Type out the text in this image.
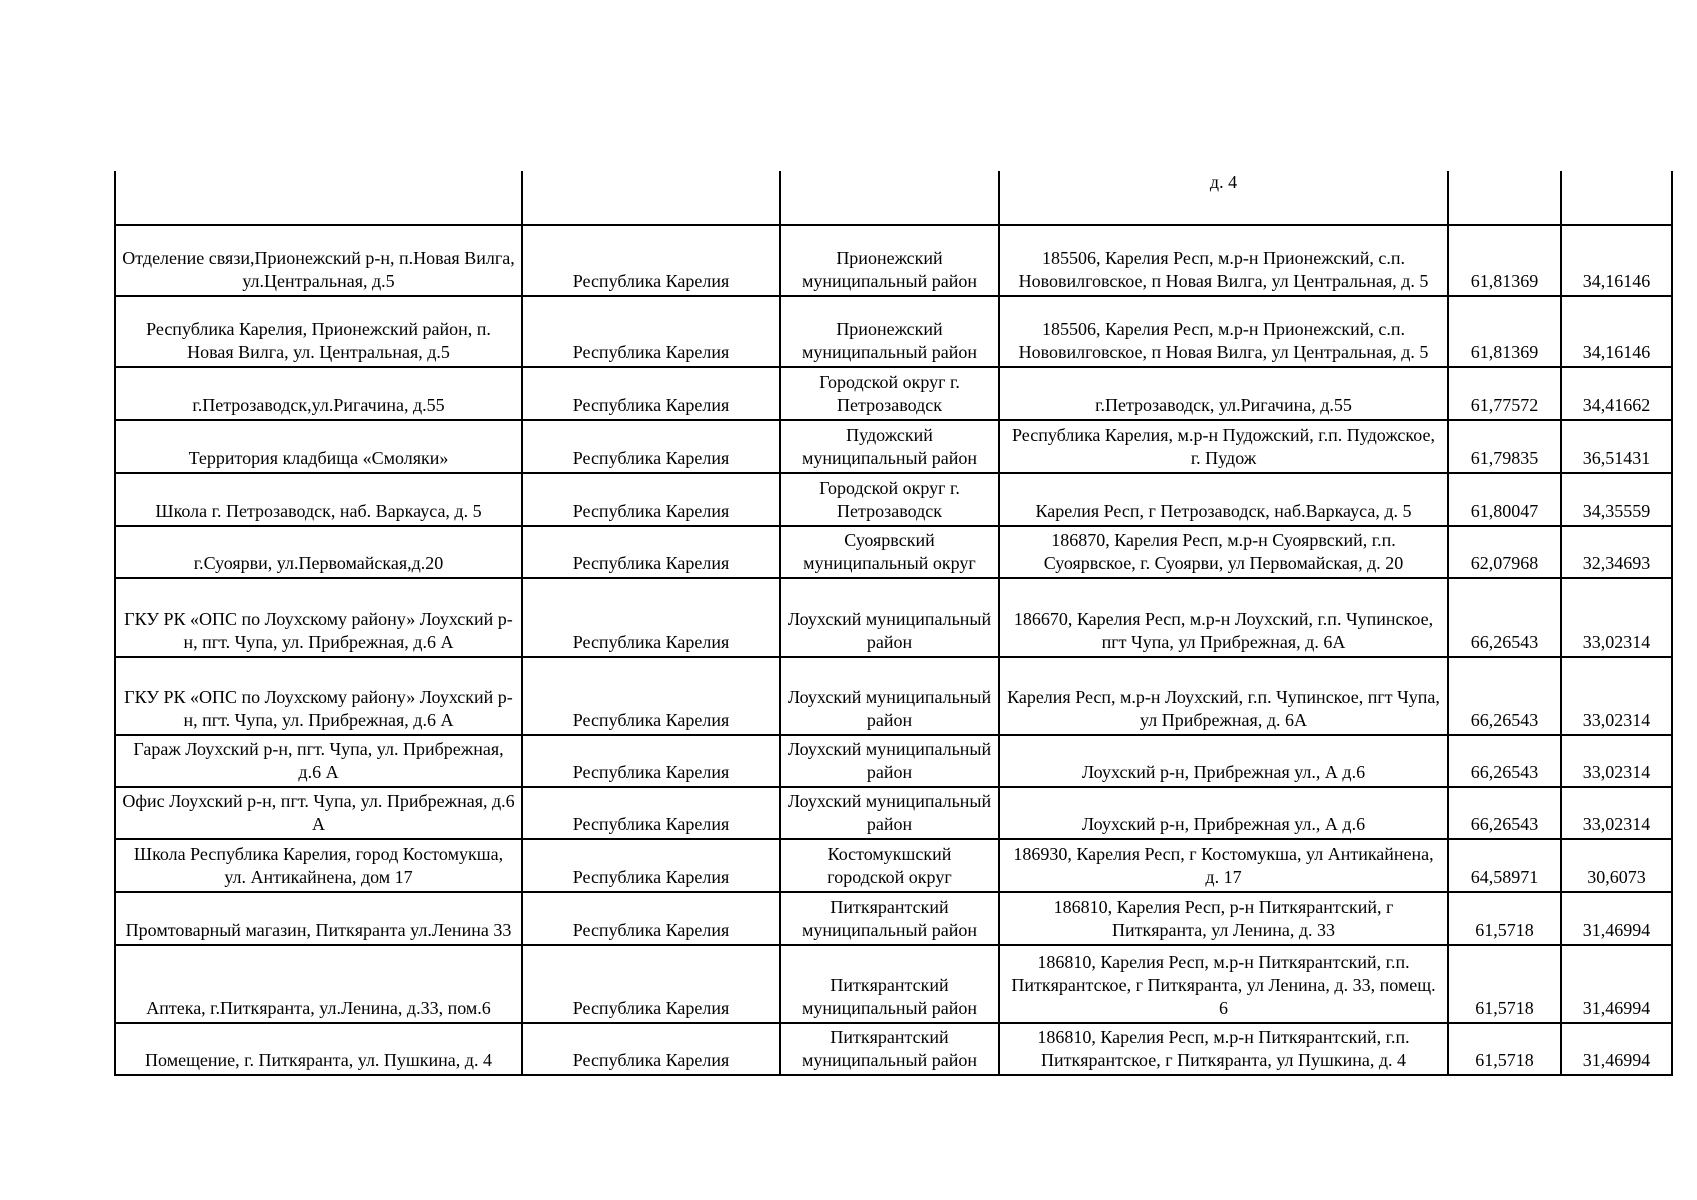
			д. 4		
Отделение связи,Прионежский р-н, п.Новая Вилга, ул.Центральная, д.5	Республика Карелия	Прионежский муниципальный район	185506, Карелия Респ, м.р-н Прионежский, с.п. Нововилговское, п Новая Вилга, ул Центральная, д. 5	61,81369	34,16146
Республика Карелия, Прионежский район, п. Новая Вилга, ул. Центральная, д.5	Республика Карелия	Прионежский муниципальный район	185506, Карелия Респ, м.р-н Прионежский, с.п. Нововилговское, п Новая Вилга, ул Центральная, д. 5	61,81369	34,16146
г.Петрозаводск,ул.Ригачина, д.55	Республика Карелия	Городской округ г. Петрозаводск	г.Петрозаводск, ул.Ригачина, д.55	61,77572	34,41662
Территория кладбища «Смоляки»	Республика Карелия	Пудожский муниципальный район	Республика Карелия, м.р-н Пудожский, г.п. Пудожское, г. Пудож	61,79835	36,51431
Школа г. Петрозаводск, наб. Варкауса, д. 5	Республика Карелия	Городской округ г. Петрозаводск	Карелия Респ, г Петрозаводск, наб.Варкауса, д. 5	61,80047	34,35559
г.Суоярви, ул.Первомайская,д.20	Республика Карелия	Суоярвский муниципальный округ	186870, Карелия Респ, м.р-н Суоярвский, г.п. Суоярвское, г. Суоярви, ул Первомайская, д. 20	62,07968	32,34693
ГКУ РК «ОПС по Лоухскому району» Лоухский р-н, пгт. Чупа, ул. Прибрежная, д.6 А	Республика Карелия	Лоухский муниципальный район	186670, Карелия Респ, м.р-н Лоухский, г.п. Чупинское, пгт Чупа, ул Прибрежная, д. 6А	66,26543	33,02314
ГКУ РК «ОПС по Лоухскому району» Лоухский р-н, пгт. Чупа, ул. Прибрежная, д.6 А	Республика Карелия	Лоухский муниципальный район	Карелия Респ, м.р-н Лоухский, г.п. Чупинское, пгт Чупа, ул Прибрежная, д. 6А	66,26543	33,02314
Гараж Лоухский р-н, пгт. Чупа, ул. Прибрежная, д.6 А	Республика Карелия	Лоухский муниципальный район	Лоухский р-н, Прибрежная ул., А д.6	66,26543	33,02314
Офис Лоухский р-н, пгт. Чупа, ул. Прибрежная, д.6 А	Республика Карелия	Лоухский муниципальный район	Лоухский р-н, Прибрежная ул., А д.6	66,26543	33,02314
Школа Республика Карелия, город Костомукша, ул. Антикайнена, дом 17	Республика Карелия	Костомукшский городской округ	186930, Карелия Респ, г Костомукша, ул Антикайнена, д. 17	64,58971	30,6073
Промтоварный магазин, Питкяранта ул.Ленина 33	Республика Карелия	Питкярантский муниципальный район	186810, Карелия Респ, р-н Питкярантский, г Питкяранта, ул Ленина, д. 33	61,5718	31,46994
Аптека, г.Питкяранта, ул.Ленина, д.33, пом.6	Республика Карелия	Питкярантский муниципальный район	186810, Карелия Респ, м.р-н Питкярантский, г.п. Питкярантское, г Питкяранта, ул Ленина, д. 33, помещ. 6	61,5718	31,46994
Помещение, г. Питкяранта, ул. Пушкина, д. 4	Республика Карелия	Питкярантский муниципальный район	186810, Карелия Респ, м.р-н Питкярантский, г.п. Питкярантское, г Питкяранта, ул Пушкина, д. 4	61,5718	31,46994
